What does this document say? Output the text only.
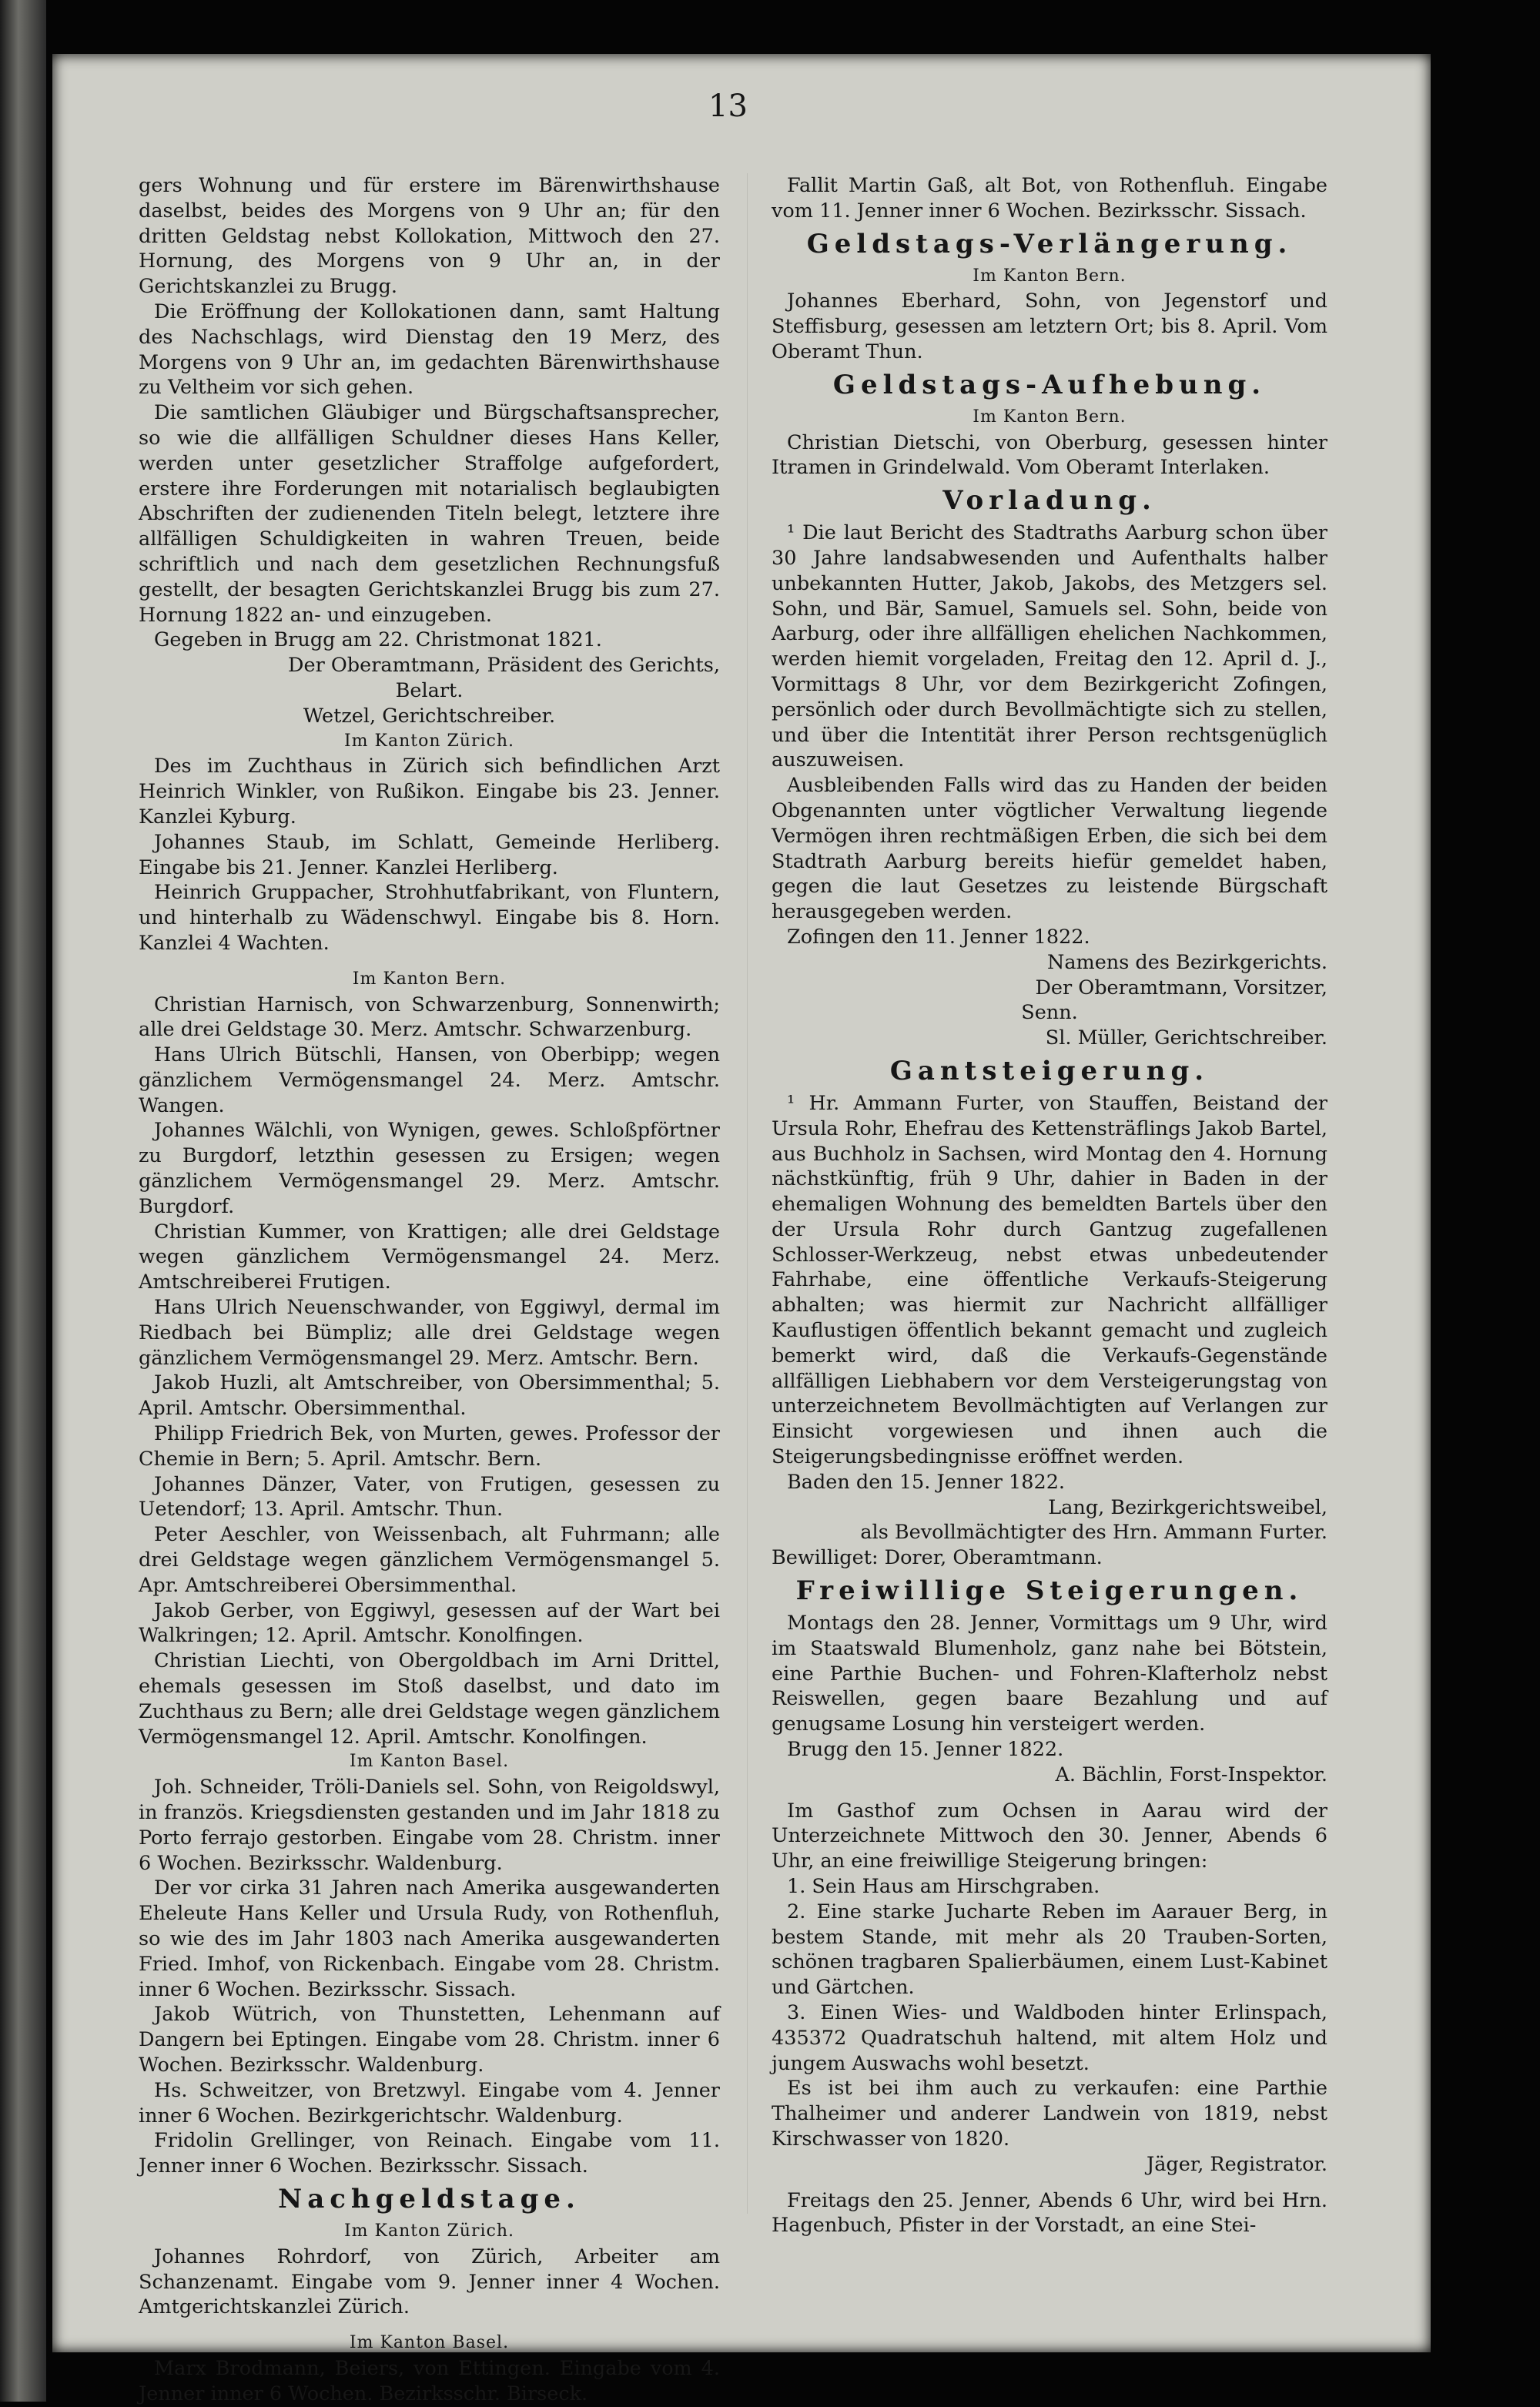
13

gers Wohnung und für erstere im Bärenwirthshause daselbst, beides des Morgens von 9 Uhr an; für den dritten Geldstag nebst Kollokation, Mittwoch den 27. Hornung, des Morgens von 9 Uhr an, in der Gerichtskanzlei zu Brugg.

Die Eröffnung der Kollokationen dann, samt Haltung des Nachschlags, wird Dienstag den 19 Merz, des Morgens von 9 Uhr an, im gedachten Bärenwirthshause zu Veltheim vor sich gehen.

Die samtlichen Gläubiger und Bürgschaftsansprecher, so wie die allfälligen Schuldner dieses Hans Keller, werden unter gesetzlicher Straffolge aufgefordert, erstere ihre Forderungen mit notarialisch beglaubigten Abschriften der zudienenden Titeln belegt, letztere ihre allfälligen Schuldigkeiten in wahren Treuen, beide schriftlich und nach dem gesetzlichen Rechnungsfuß gestellt, der besagten Gerichtskanzlei Brugg bis zum 27. Hornung 1822 an- und einzugeben.

Gegeben in Brugg am 22. Christmonat 1821.

Der Oberamtmann, Präsident des Gerichts,

Belart.

Wetzel, Gerichtschreiber.

Im Kanton Zürich.

Des im Zuchthaus in Zürich sich befindlichen Arzt Heinrich Winkler, von Rußikon. Eingabe bis 23. Jenner. Kanzlei Kyburg.

Johannes Staub, im Schlatt, Gemeinde Herliberg. Eingabe bis 21. Jenner. Kanzlei Herliberg.

Heinrich Gruppacher, Strohhutfabrikant, von Fluntern, und hinterhalb zu Wädenschwyl. Eingabe bis 8. Horn. Kanzlei 4 Wachten.

Im Kanton Bern.

Christian Harnisch, von Schwarzenburg, Sonnenwirth; alle drei Geldstage 30. Merz. Amtschr. Schwarzenburg.

Hans Ulrich Bütschli, Hansen, von Oberbipp; wegen gänzlichem Vermögensmangel 24. Merz. Amtschr. Wangen.

Johannes Wälchli, von Wynigen, gewes. Schloßpförtner zu Burgdorf, letzthin gesessen zu Ersigen; wegen gänzlichem Vermögensmangel 29. Merz. Amtschr. Burgdorf.

Christian Kummer, von Krattigen; alle drei Geldstage wegen gänzlichem Vermögensmangel 24. Merz. Amtschreiberei Frutigen.

Hans Ulrich Neuenschwander, von Eggiwyl, dermal im Riedbach bei Bümpliz; alle drei Geldstage wegen gänzlichem Vermögensmangel 29. Merz. Amtschr. Bern.

Jakob Huzli, alt Amtschreiber, von Obersimmenthal; 5. April. Amtschr. Obersimmenthal.

Philipp Friedrich Bek, von Murten, gewes. Professor der Chemie in Bern; 5. April. Amtschr. Bern.

Johannes Dänzer, Vater, von Frutigen, gesessen zu Uetendorf; 13. April. Amtschr. Thun.

Peter Aeschler, von Weissenbach, alt Fuhrmann; alle drei Geldstage wegen gänzlichem Vermögensmangel 5. Apr. Amtschreiberei Obersimmenthal.

Jakob Gerber, von Eggiwyl, gesessen auf der Wart bei Walkringen; 12. April. Amtschr. Konolfingen.

Christian Liechti, von Obergoldbach im Arni Drittel, ehemals gesessen im Stoß daselbst, und dato im Zuchthaus zu Bern; alle drei Geldstage wegen gänzlichem Vermögensmangel 12. April. Amtschr. Konolfingen.

Im Kanton Basel.

Joh. Schneider, Tröli-Daniels sel. Sohn, von Reigoldswyl, in französ. Kriegsdiensten gestanden und im Jahr 1818 zu Porto ferrajo gestorben. Eingabe vom 28. Christm. inner 6 Wochen. Bezirksschr. Waldenburg.

Der vor cirka 31 Jahren nach Amerika ausgewanderten Eheleute Hans Keller und Ursula Rudy, von Rothenfluh, so wie des im Jahr 1803 nach Amerika ausgewanderten Fried. Imhof, von Rickenbach. Eingabe vom 28. Christm. inner 6 Wochen. Bezirksschr. Sissach.

Jakob Wütrich, von Thunstetten, Lehenmann auf Dangern bei Eptingen. Eingabe vom 28. Christm. inner 6 Wochen. Bezirksschr. Waldenburg.

Hs. Schweitzer, von Bretzwyl. Eingabe vom 4. Jenner inner 6 Wochen. Bezirkgerichtschr. Waldenburg.

Fridolin Grellinger, von Reinach. Eingabe vom 11. Jenner inner 6 Wochen. Bezirksschr. Sissach.

Nachgeldstage.

Im Kanton Zürich.

Johannes Rohrdorf, von Zürich, Arbeiter am Schanzenamt. Eingabe vom 9. Jenner inner 4 Wochen. Amtgerichtskanzlei Zürich.

Im Kanton Basel.

Marx Brodmann, Beiers, von Ettingen. Eingabe vom 4. Jenner inner 6 Wochen. Bezirksschr. Birseck.

Fallit Martin Gaß, alt Bot, von Rothenfluh. Eingabe vom 11. Jenner inner 6 Wochen. Bezirksschr. Sissach.

Geldstags-Verlängerung.

Im Kanton Bern.

Johannes Eberhard, Sohn, von Jegenstorf und Steffisburg, gesessen am letztern Ort; bis 8. April. Vom Oberamt Thun.

Geldstags-Aufhebung.

Im Kanton Bern.

Christian Dietschi, von Oberburg, gesessen hinter Itramen in Grindelwald. Vom Oberamt Interlaken.

Vorladung.

¹ Die laut Bericht des Stadtraths Aarburg schon über 30 Jahre landsabwesenden und Aufenthalts halber unbekannten Hutter, Jakob, Jakobs, des Metzgers sel. Sohn, und Bär, Samuel, Samuels sel. Sohn, beide von Aarburg, oder ihre allfälligen ehelichen Nachkommen, werden hiemit vorgeladen, Freitag den 12. April d. J., Vormittags 8 Uhr, vor dem Bezirkgericht Zofingen, persönlich oder durch Bevollmächtigte sich zu stellen, und über die Intentität ihrer Person rechtsgenüglich auszuweisen.

Ausbleibenden Falls wird das zu Handen der beiden Obgenannten unter vögtlicher Verwaltung liegende Vermögen ihren rechtmäßigen Erben, die sich bei dem Stadtrath Aarburg bereits hiefür gemeldet haben, gegen die laut Gesetzes zu leistende Bürgschaft herausgegeben werden.

Zofingen den 11. Jenner 1822.

Namens des Bezirkgerichts.

Der Oberamtmann, Vorsitzer,

Senn.

Sl. Müller, Gerichtschreiber.

Gantsteigerung.

¹ Hr. Ammann Furter, von Stauffen, Beistand der Ursula Rohr, Ehefrau des Kettensträflings Jakob Bartel, aus Buchholz in Sachsen, wird Montag den 4. Hornung nächstkünftig, früh 9 Uhr, dahier in Baden in der ehemaligen Wohnung des bemeldten Bartels über den der Ursula Rohr durch Gantzug zugefallenen Schlosser-Werkzeug, nebst etwas unbedeutender Fahrhabe, eine öffentliche Verkaufs-Steigerung abhalten; was hiermit zur Nachricht allfälliger Kauflustigen öffentlich bekannt gemacht und zugleich bemerkt wird, daß die Verkaufs-Gegenstände allfälligen Liebhabern vor dem Versteigerungstag von unterzeichnetem Bevollmächtigten auf Verlangen zur Einsicht vorgewiesen und ihnen auch die Steigerungsbedingnisse eröffnet werden.

Baden den 15. Jenner 1822.

Lang, Bezirkgerichtsweibel,

als Bevollmächtigter des Hrn. Ammann Furter.

Bewilliget: Dorer, Oberamtmann.

Freiwillige Steigerungen.

Montags den 28. Jenner, Vormittags um 9 Uhr, wird im Staatswald Blumenholz, ganz nahe bei Bötstein, eine Parthie Buchen- und Fohren-Klafterholz nebst Reiswellen, gegen baare Bezahlung und auf genugsame Losung hin versteigert werden.

Brugg den 15. Jenner 1822.

A. Bächlin, Forst-Inspektor.

Im Gasthof zum Ochsen in Aarau wird der Unterzeichnete Mittwoch den 30. Jenner, Abends 6 Uhr, an eine freiwillige Steigerung bringen:

1. Sein Haus am Hirschgraben.

2. Eine starke Jucharte Reben im Aarauer Berg, in bestem Stande, mit mehr als 20 Trauben-Sorten, schönen tragbaren Spalierbäumen, einem Lust-Kabinet und Gärtchen.

3. Einen Wies- und Waldboden hinter Erlinspach, 435372 Quadratschuh haltend, mit altem Holz und jungem Auswachs wohl besetzt.

Es ist bei ihm auch zu verkaufen: eine Parthie Thalheimer und anderer Landwein von 1819, nebst Kirschwasser von 1820.

Jäger, Registrator.

Freitags den 25. Jenner, Abends 6 Uhr, wird bei Hrn. Hagenbuch, Pfister in der Vorstadt, an eine Stei-
